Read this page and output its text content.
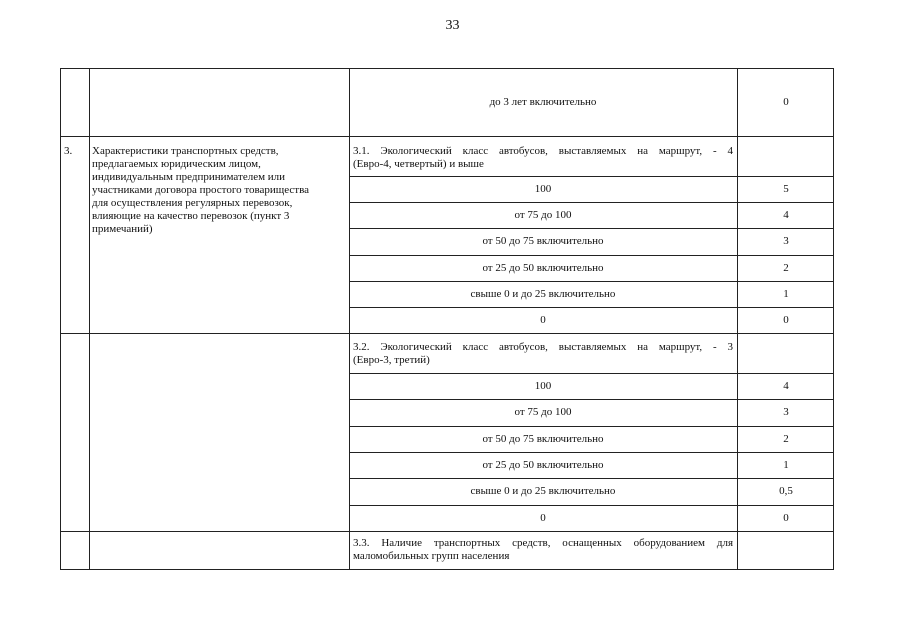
33
до 3 лет включительно	0
3. Характеристики транспортных средств,
предлагаемых юридическим лицом,
индивидуальным предпринимателем или
участниками договора простого товарищества
для осуществления регулярных перевозок,
влияющие на качество перевозок (пункт 3
примечаний)
3.1. Экологический класс автобусов, выставляемых на маршрут, - 4
(Евро-4, четвертый) и выше
100	5
от 75 до 100	4
от 50 до 75 включительно	3
от 25 до 50 включительно	2
свыше 0 и до 25 включительно	1
0	0
3.2. Экологический класс автобусов, выставляемых на маршрут, - 3
(Евро-3, третий)
100	4
от 75 до 100	3
от 50 до 75 включительно	2
от 25 до 50 включительно	1
свыше 0 и до 25 включительно	0,5
0	0
3.3. Наличие транспортных средств, оснащенных оборудованием для
маломобильных групп населения
